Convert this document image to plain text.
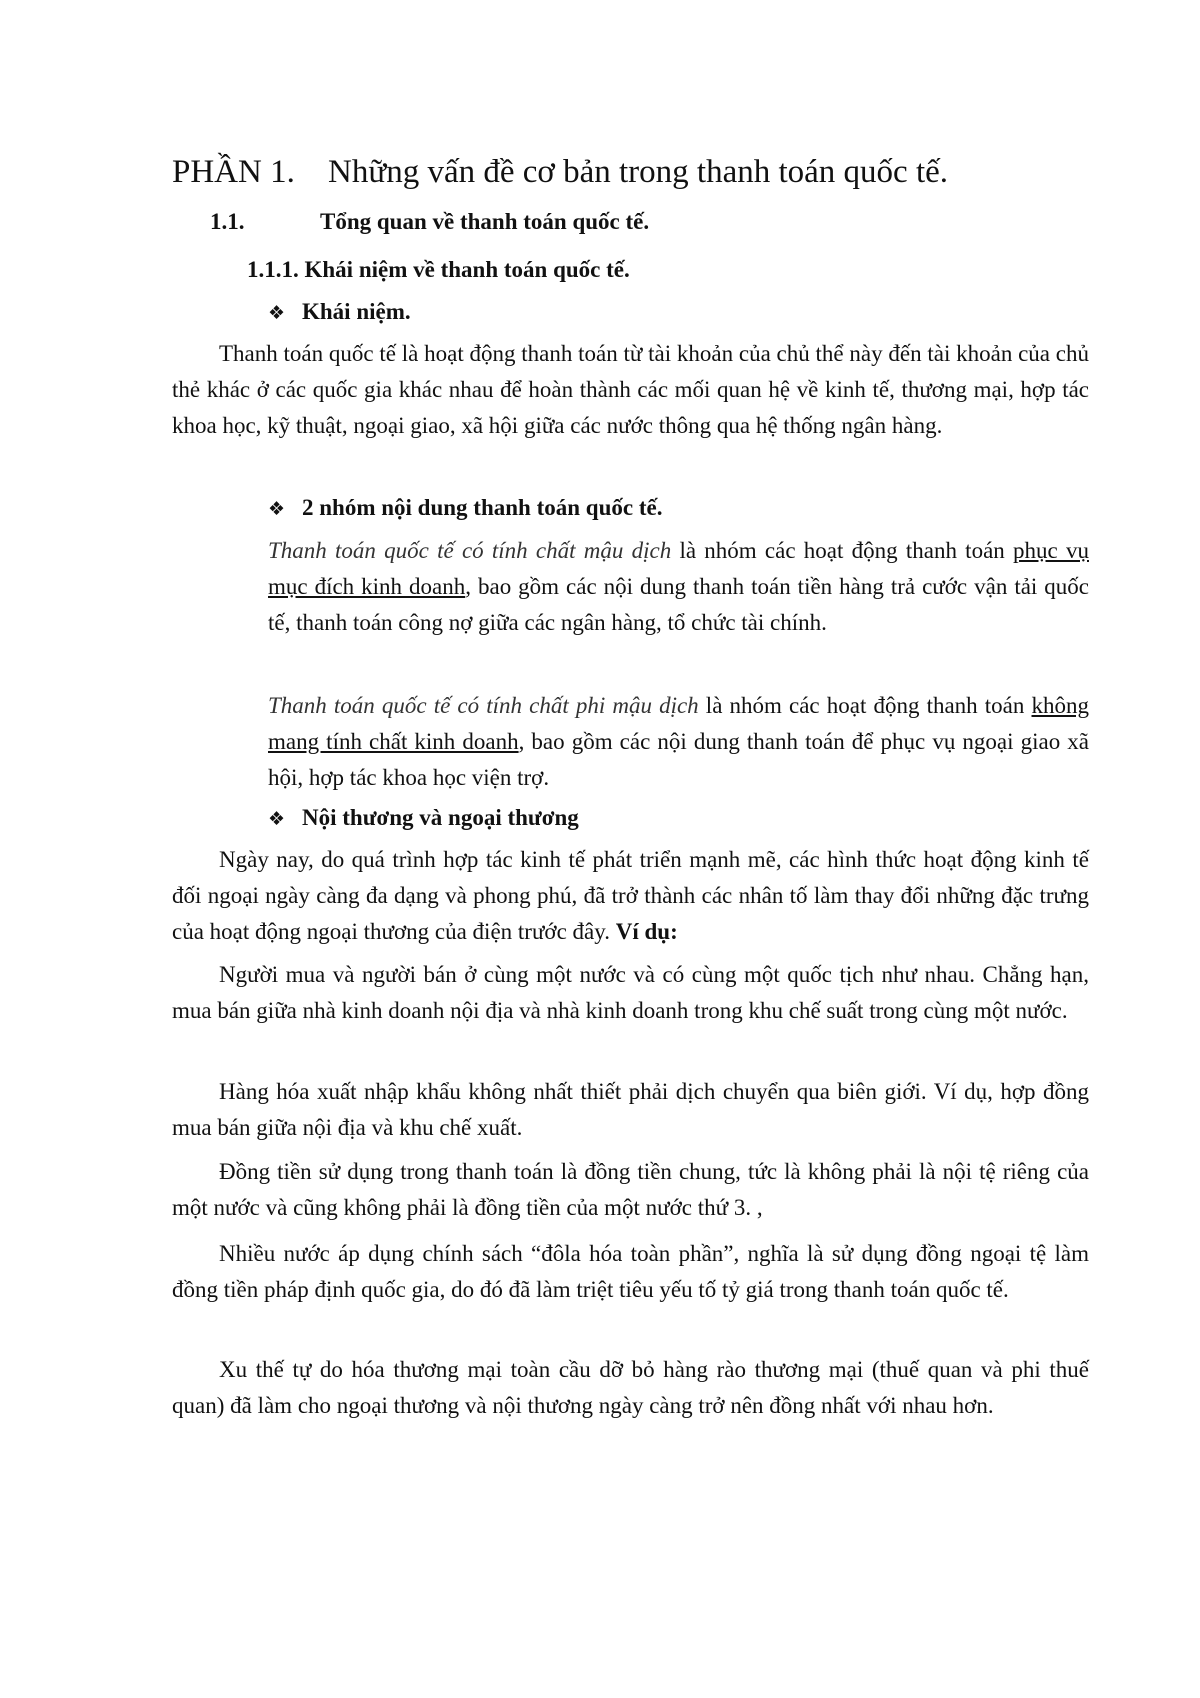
PHẦN 1. Những vấn đề cơ bản trong thanh toán quốc tế.
1.1.	Tổng quan về thanh toán quốc tế.
1.1.1. Khái niệm về thanh toán quốc tế.
❖ Khái niệm.
Thanh toán quốc tế là hoạt động thanh toán từ tài khoản của chủ thể này đến tài khoản của chủ thẻ khác ở các quốc gia khác nhau để hoàn thành các mối quan hệ về kinh tế, thương mại, hợp tác khoa học, kỹ thuật, ngoại giao, xã hội giữa các nước thông qua hệ thống ngân hàng.
❖ 2 nhóm nội dung thanh toán quốc tế.
Thanh toán quốc tế có tính chất mậu dịch là nhóm các hoạt động thanh toán phục vụ mục đích kinh doanh, bao gồm các nội dung thanh toán tiền hàng trả cước vận tải quốc tế, thanh toán công nợ giữa các ngân hàng, tổ chức tài chính.
Thanh toán quốc tế có tính chất phi mậu dịch là nhóm các hoạt động thanh toán không mang tính chất kinh doanh, bao gồm các nội dung thanh toán để phục vụ ngoại giao xã hội, hợp tác khoa học viện trợ.
❖ Nội thương và ngoại thương
Ngày nay, do quá trình hợp tác kinh tế phát triển mạnh mẽ, các hình thức hoạt động kinh tế đối ngoại ngày càng đa dạng và phong phú, đã trở thành các nhân tố làm thay đổi những đặc trưng của hoạt động ngoại thương của điện trước đây. Ví dụ:
Người mua và người bán ở cùng một nước và có cùng một quốc tịch như nhau. Chẳng hạn, mua bán giữa nhà kinh doanh nội địa và nhà kinh doanh trong khu chế suất trong cùng một nước.
Hàng hóa xuất nhập khẩu không nhất thiết phải dịch chuyển qua biên giới. Ví dụ, hợp đồng mua bán giữa nội địa và khu chế xuất.
Đồng tiền sử dụng trong thanh toán là đồng tiền chung, tức là không phải là nội tệ riêng của một nước và cũng không phải là đồng tiền của một nước thứ 3. ,
Nhiều nước áp dụng chính sách “đôla hóa toàn phần”, nghĩa là sử dụng đồng ngoại tệ làm đồng tiền pháp định quốc gia, do đó đã làm triệt tiêu yếu tố tỷ giá trong thanh toán quốc tế.
Xu thế tự do hóa thương mại toàn cầu dỡ bỏ hàng rào thương mại (thuế quan và phi thuế quan) đã làm cho ngoại thương và nội thương ngày càng trở nên đồng nhất với nhau hơn.
